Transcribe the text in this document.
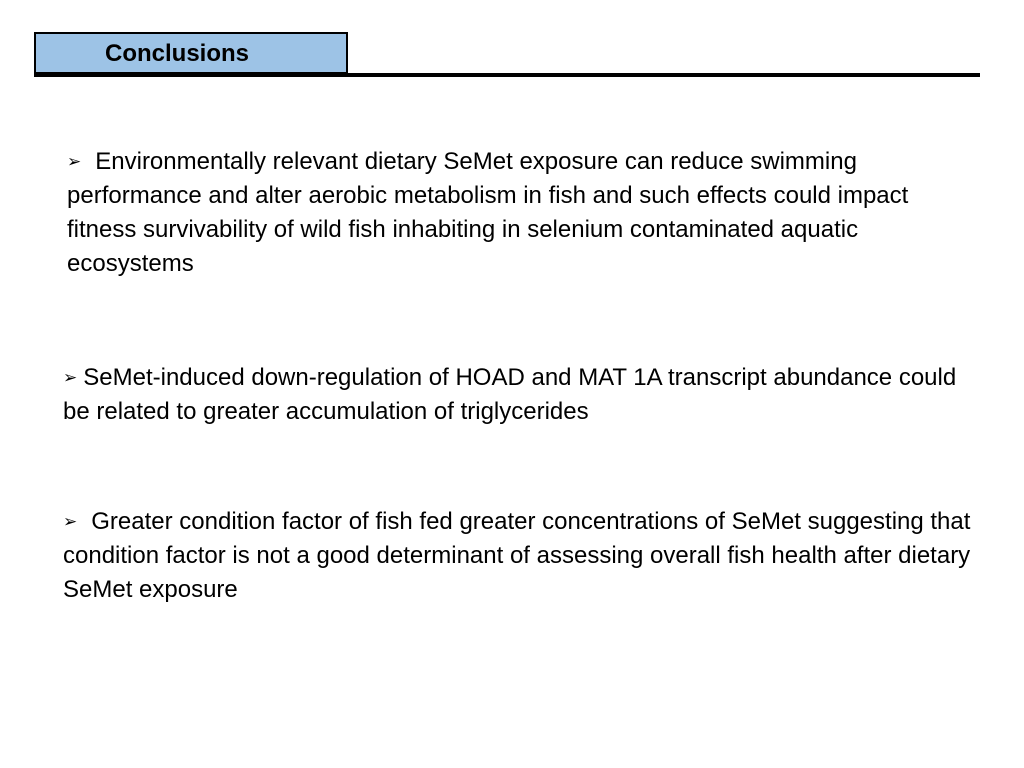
Conclusions

➢ Environmentally relevant dietary SeMet exposure can reduce swimming performance and alter aerobic metabolism in fish and such effects could impact fitness survivability of wild fish inhabiting in selenium contaminated aquatic ecosystems

➢ SeMet-induced down-regulation of HOAD and MAT 1A transcript abundance could be related to greater accumulation of triglycerides

➢ Greater condition factor of fish fed greater concentrations of SeMet suggesting that condition factor is not a good determinant of assessing overall fish health after dietary SeMet exposure
